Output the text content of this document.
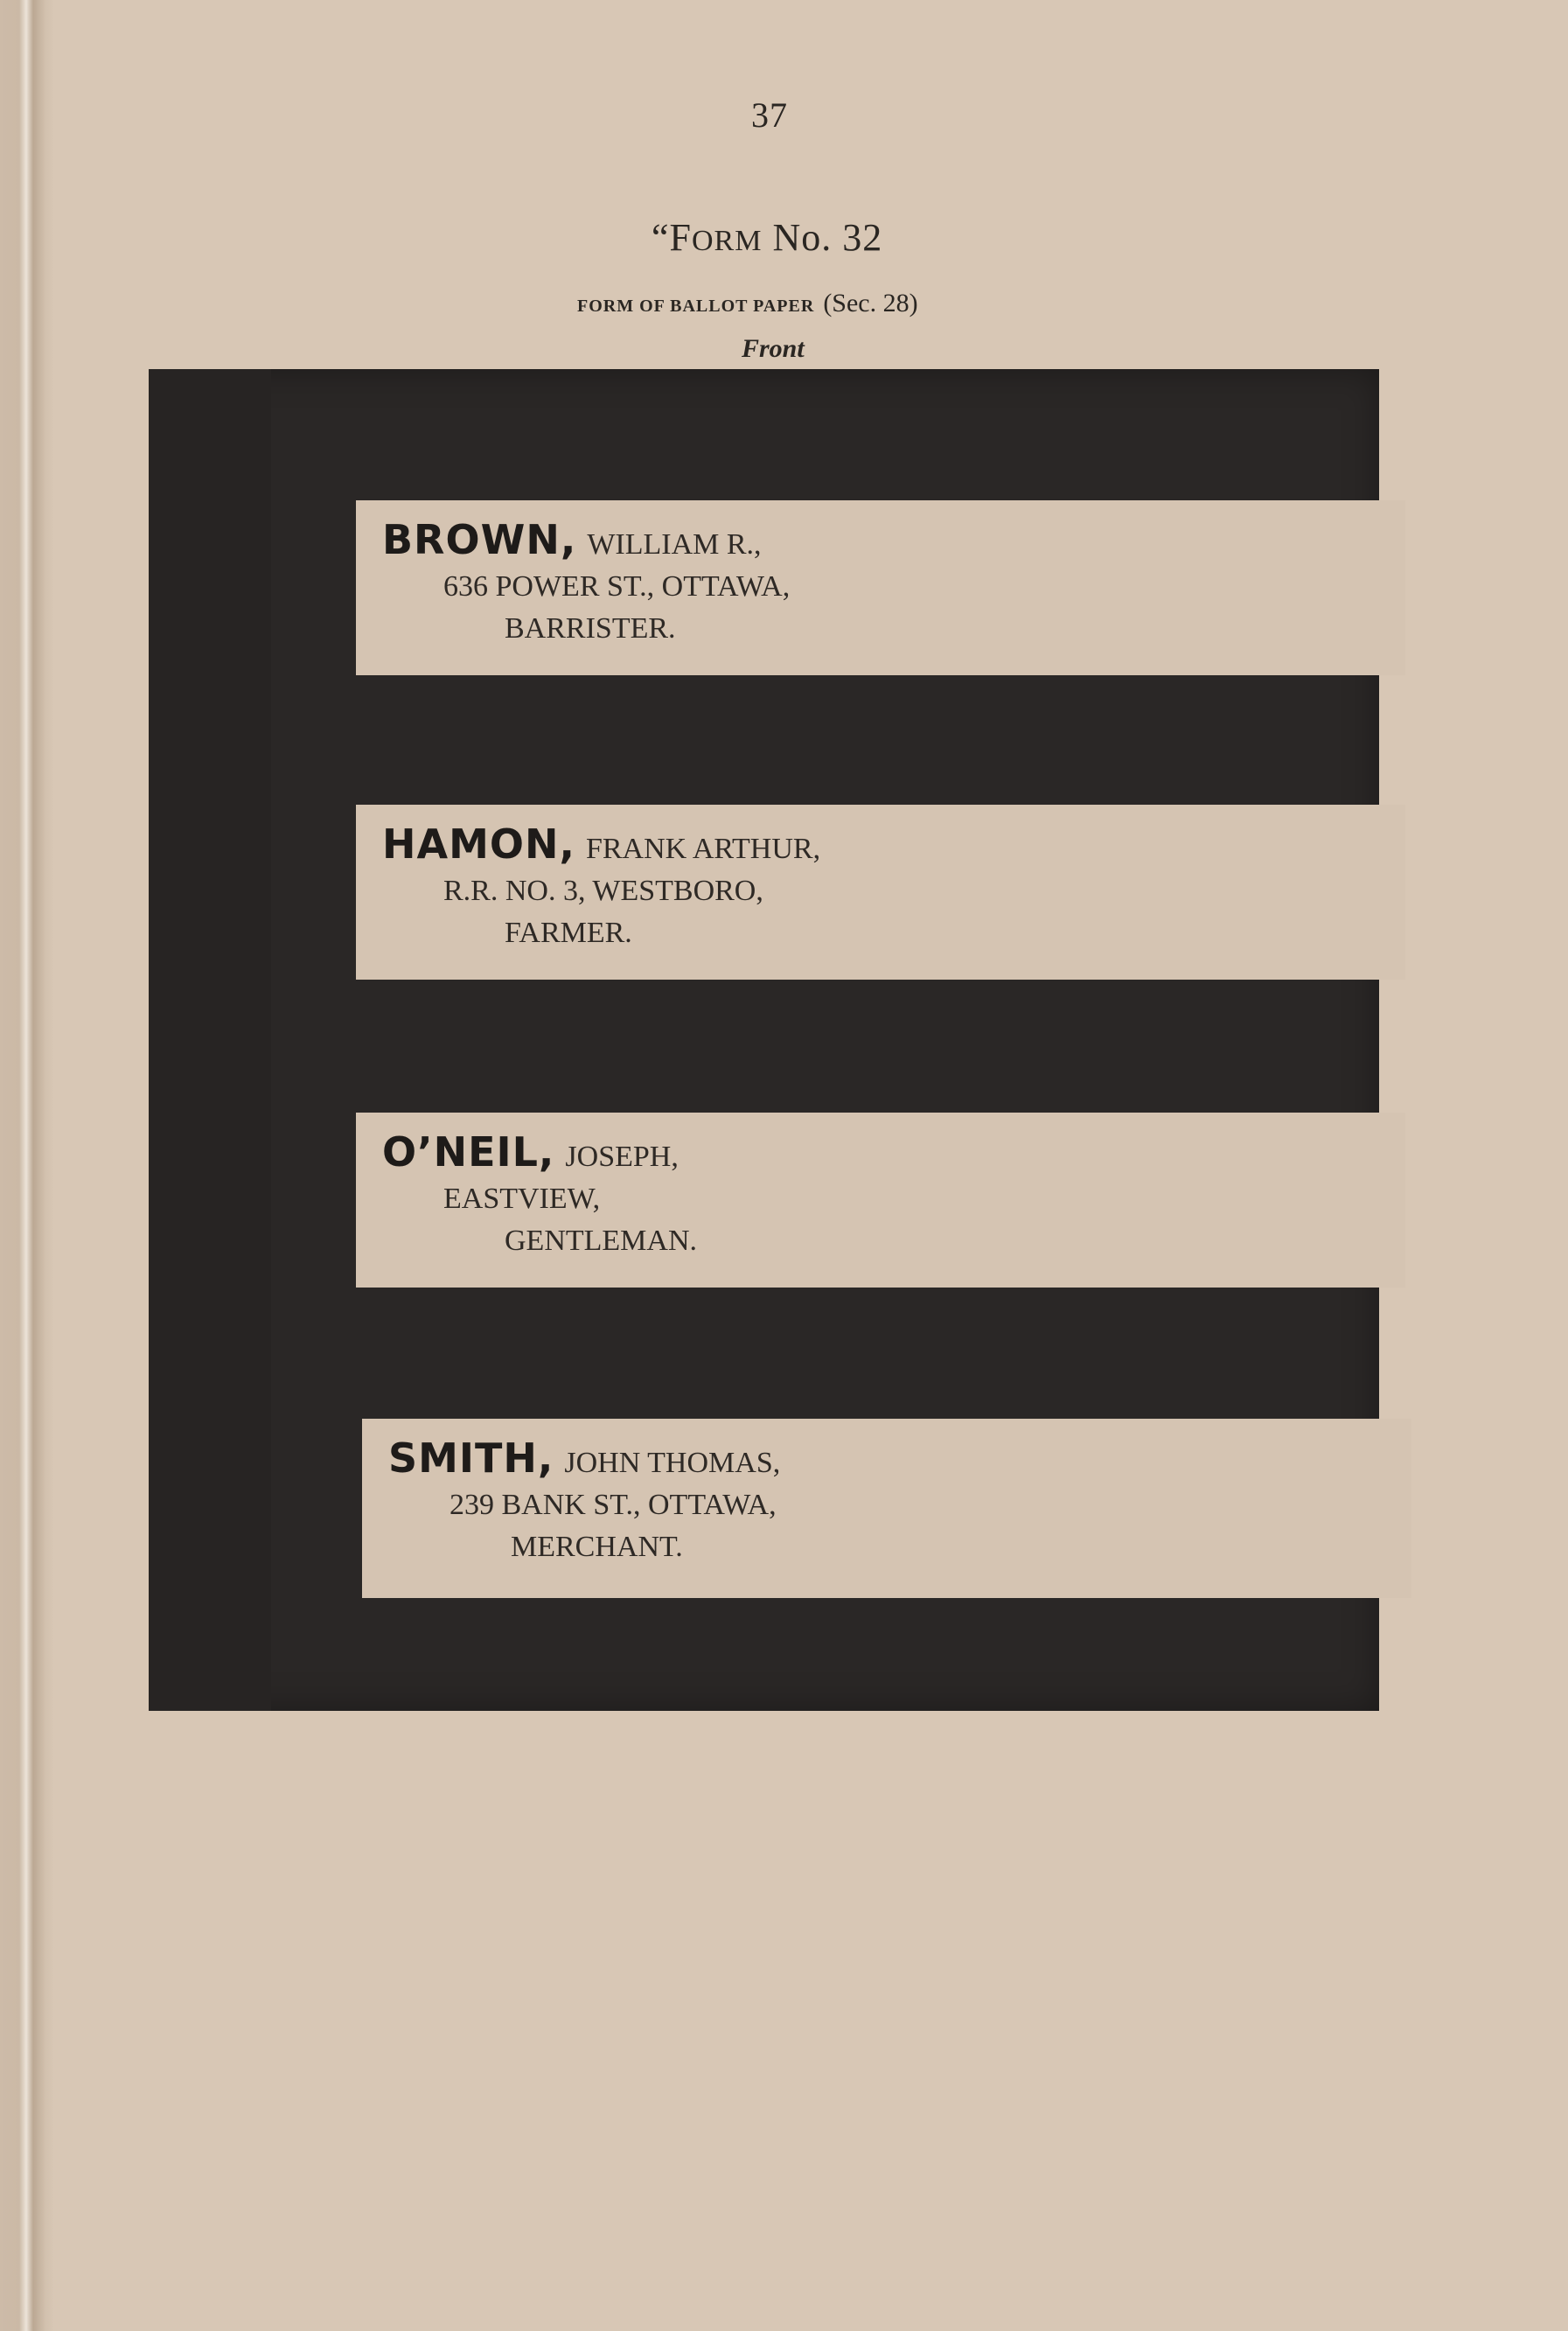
37
“FORM No. 32
FORM OF BALLOT PAPER (Sec. 28)
Front
BROWN, WILLIAM R.,
636 POWER ST., OTTAWA,
BARRISTER.
HAMON, FRANK ARTHUR,
R.R. NO. 3, WESTBORO,
FARMER.
O’NEIL, JOSEPH,
EASTVIEW,
GENTLEMAN.
SMITH, JOHN THOMAS,
239 BANK ST., OTTAWA,
MERCHANT.
